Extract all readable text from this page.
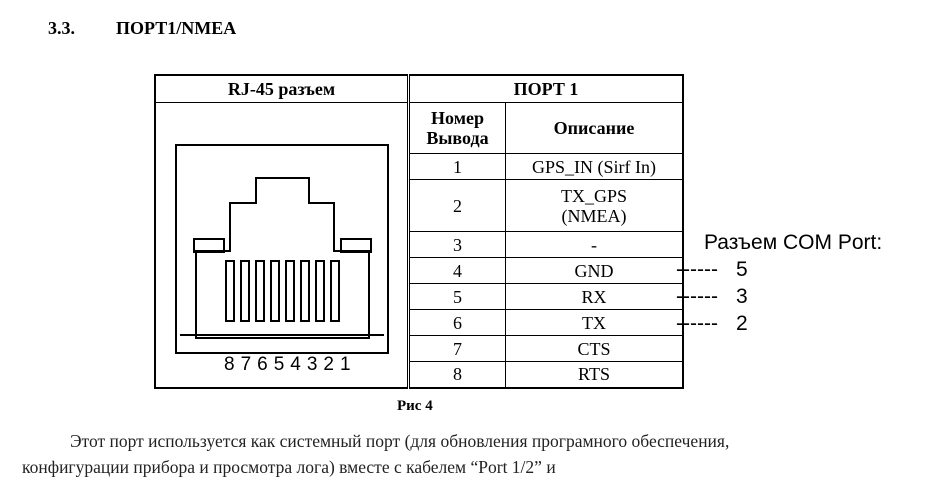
3.3. ПОРТ1/NMEA
RJ-45 разъем	ПОРТ 1	

87654321	Номер Вывода	Описание
	1	GPS_IN (Sirf In)
	2	TX_GPS (NMEA)
	3	-
	4	GND
	5	RX
	6	TX
	7	CTS
	8	RTS
Разъем COM Port:
------ 5
------ 3
------ 2
Рис 4
Этот порт используется как системный порт (для обновления програмного обеспечения, конфигурации прибора и просмотра лога) вместе с кабелем “Port 1/2” и
